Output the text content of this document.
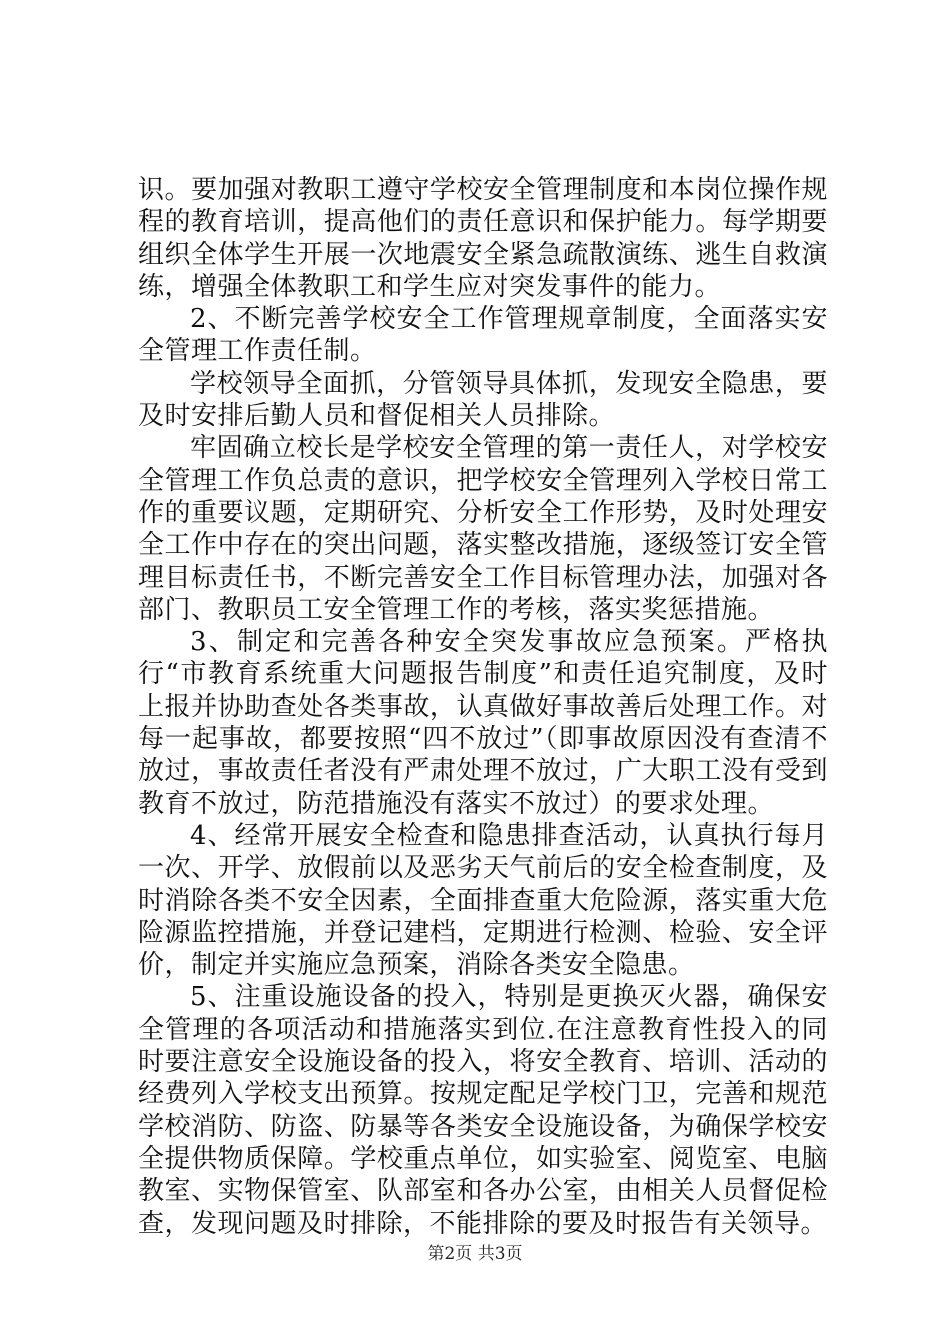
识。要加强对教职工遵守学校安全管理制度和本岗位操作规程的教育培训，提高他们的责任意识和保护能力。每学期要组织全体学生开展一次地震安全紧急疏散演练、逃生自救演练，增强全体教职工和学生应对突发事件的能力。

2、不断完善学校安全工作管理规章制度，全面落实安全管理工作责任制。

学校领导全面抓，分管领导具体抓，发现安全隐患，要及时安排后勤人员和督促相关人员排除。

牢固确立校长是学校安全管理的第一责任人，对学校安全管理工作负总责的意识，把学校安全管理列入学校日常工作的重要议题，定期研究、分析安全工作形势，及时处理安全工作中存在的突出问题，落实整改措施，逐级签订安全管理目标责任书，不断完善安全工作目标管理办法，加强对各部门、教职员工安全管理工作的考核，落实奖惩措施。

3、制定和完善各种安全突发事故应急预案。严格执行“市教育系统重大问题报告制度”和责任追究制度，及时上报并协助查处各类事故，认真做好事故善后处理工作。对每一起事故，都要按照“四不放过”（即事故原因没有查清不放过，事故责任者没有严肃处理不放过，广大职工没有受到教育不放过，防范措施没有落实不放过）的要求处理。

4、经常开展安全检查和隐患排查活动，认真执行每月一次、开学、放假前以及恶劣天气前后的安全检查制度，及时消除各类不安全因素，全面排查重大危险源，落实重大危险源监控措施，并登记建档，定期进行检测、检验、安全评价，制定并实施应急预案，消除各类安全隐患。

5、注重设施设备的投入，特别是更换灭火器，确保安全管理的各项活动和措施落实到位.在注意教育性投入的同时要注意安全设施设备的投入，将安全教育、培训、活动的经费列入学校支出预算。按规定配足学校门卫，完善和规范学校消防、防盗、防暴等各类安全设施设备，为确保学校安全提供物质保障。学校重点单位，如实验室、阅览室、电脑教室、实物保管室、队部室和各办公室，由相关人员督促检查，发现问题及时排除，不能排除的要及时报告有关领导。

第2页 共3页
